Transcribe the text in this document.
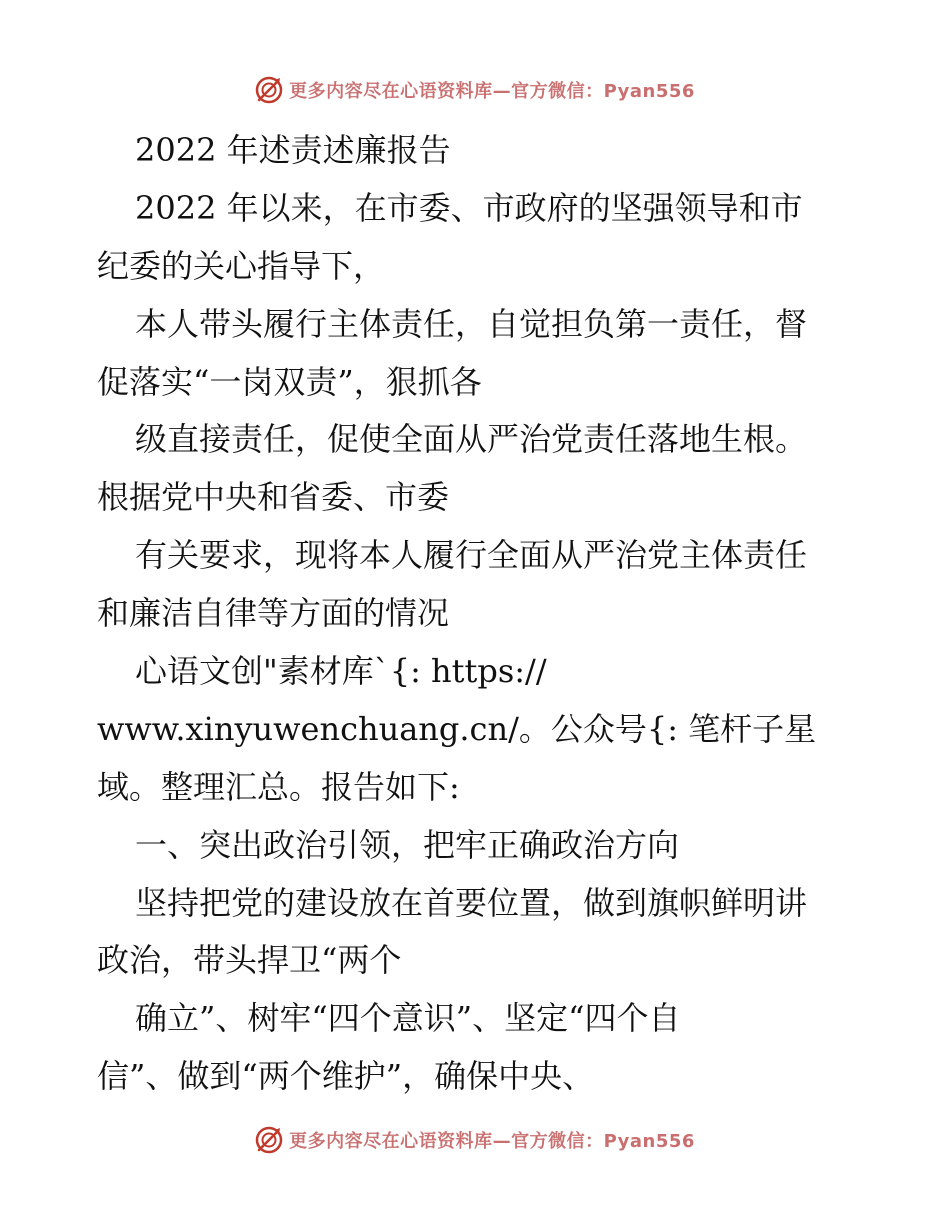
更多内容尽在心语资料库—官方微信：Pyan556
2022 年述责述廉报告
2022 年以来，在市委、市政府的坚强领导和市
纪委的关心指导下，
本人带头履行主体责任，自觉担负第一责任，督
促落实“一岗双责”，狠抓各
级直接责任，促使全面从严治党责任落地生根。
根据党中央和省委、市委
有关要求，现将本人履行全面从严治党主体责任
和廉洁自律等方面的情况
心语文创"素材库`{: https://
www.xinyuwenchuang.cn/。公众号{: 笔杆子星
域。整理汇总。报告如下:
一、突出政治引领，把牢正确政治方向
坚持把党的建设放在首要位置，做到旗帜鲜明讲
政治，带头捍卫“两个
确立”、树牢“四个意识”、坚定“四个自
信”、做到“两个维护”，确保中央、
更多内容尽在心语资料库—官方微信：Pyan556
